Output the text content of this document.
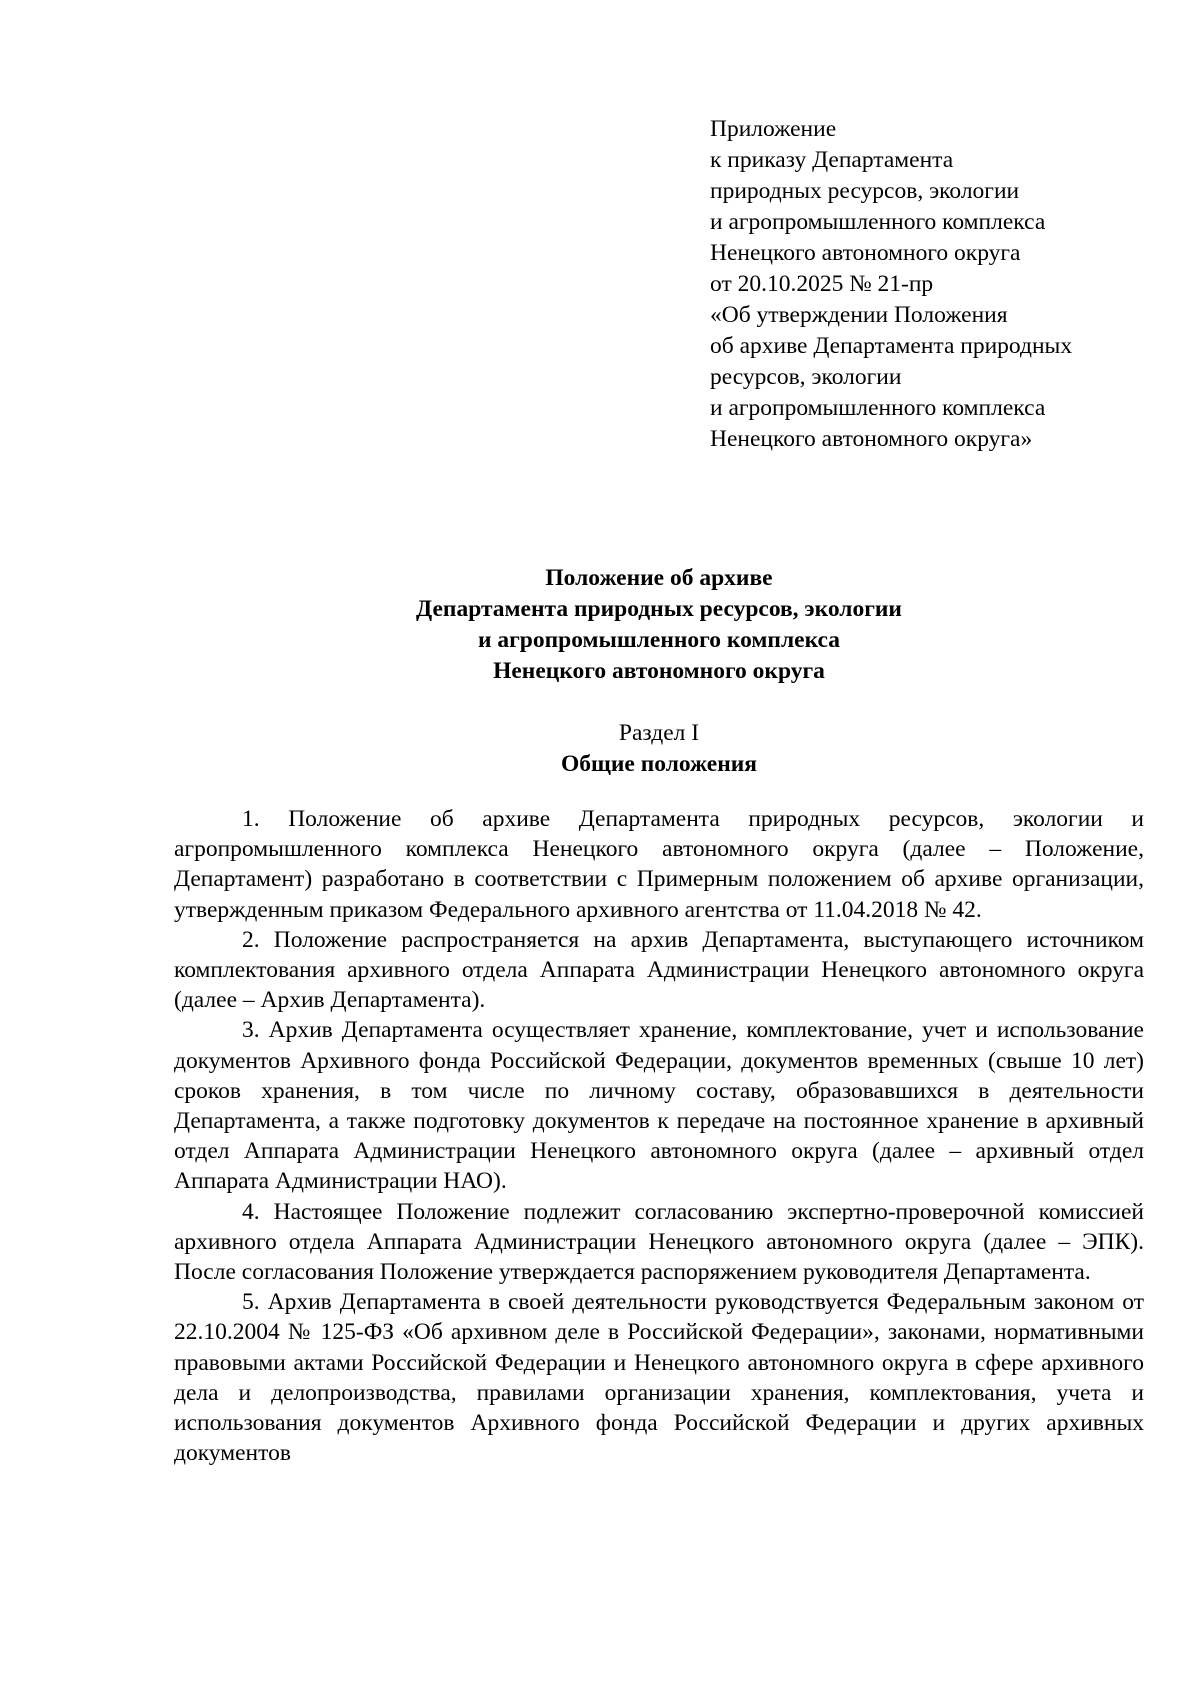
Приложение
к приказу Департамента
природных ресурсов, экологии
и агропромышленного комплекса
Ненецкого автономного округа
от 20.10.2025 № 21-пр
«Об утверждении Положения
об архиве Департамента природных
ресурсов, экологии
и агропромышленного комплекса
Ненецкого автономного округа»
Положение об архиве
Департамента природных ресурсов, экологии
и агропромышленного комплекса
Ненецкого автономного округа
Раздел I
Общие положения

1. Положение об архиве Департамента природных ресурсов, экологии и агропромышленного комплекса Ненецкого автономного округа (далее – Положение, Департамент) разработано в соответствии с Примерным положением об архиве организации, утвержденным приказом Федерального архивного агентства от 11.04.2018 № 42.

2. Положение распространяется на архив Департамента, выступающего источником комплектования архивного отдела Аппарата Администрации Ненецкого автономного округа (далее – Архив Департамента).

3. Архив Департамента осуществляет хранение, комплектование, учет и использование документов Архивного фонда Российской Федерации, документов временных (свыше 10 лет) сроков хранения, в том числе по личному составу, образовавшихся в деятельности Департамента, а также подготовку документов к передаче на постоянное хранение в архивный отдел Аппарата Администрации Ненецкого автономного округа (далее – архивный отдел Аппарата Администрации НАО).

4. Настоящее Положение подлежит согласованию экспертно-проверочной комиссией архивного отдела Аппарата Администрации Ненецкого автономного округа (далее – ЭПК). После согласования Положение утверждается распоряжением руководителя Департамента.

5. Архив Департамента в своей деятельности руководствуется Федеральным законом от 22.10.2004 № 125-ФЗ «Об архивном деле в Российской Федерации», законами, нормативными правовыми актами Российской Федерации и Ненецкого автономного округа в сфере архивного дела и делопроизводства, правилами организации хранения, комплектования, учета и использования документов Архивного фонда Российской Федерации и других архивных документов
